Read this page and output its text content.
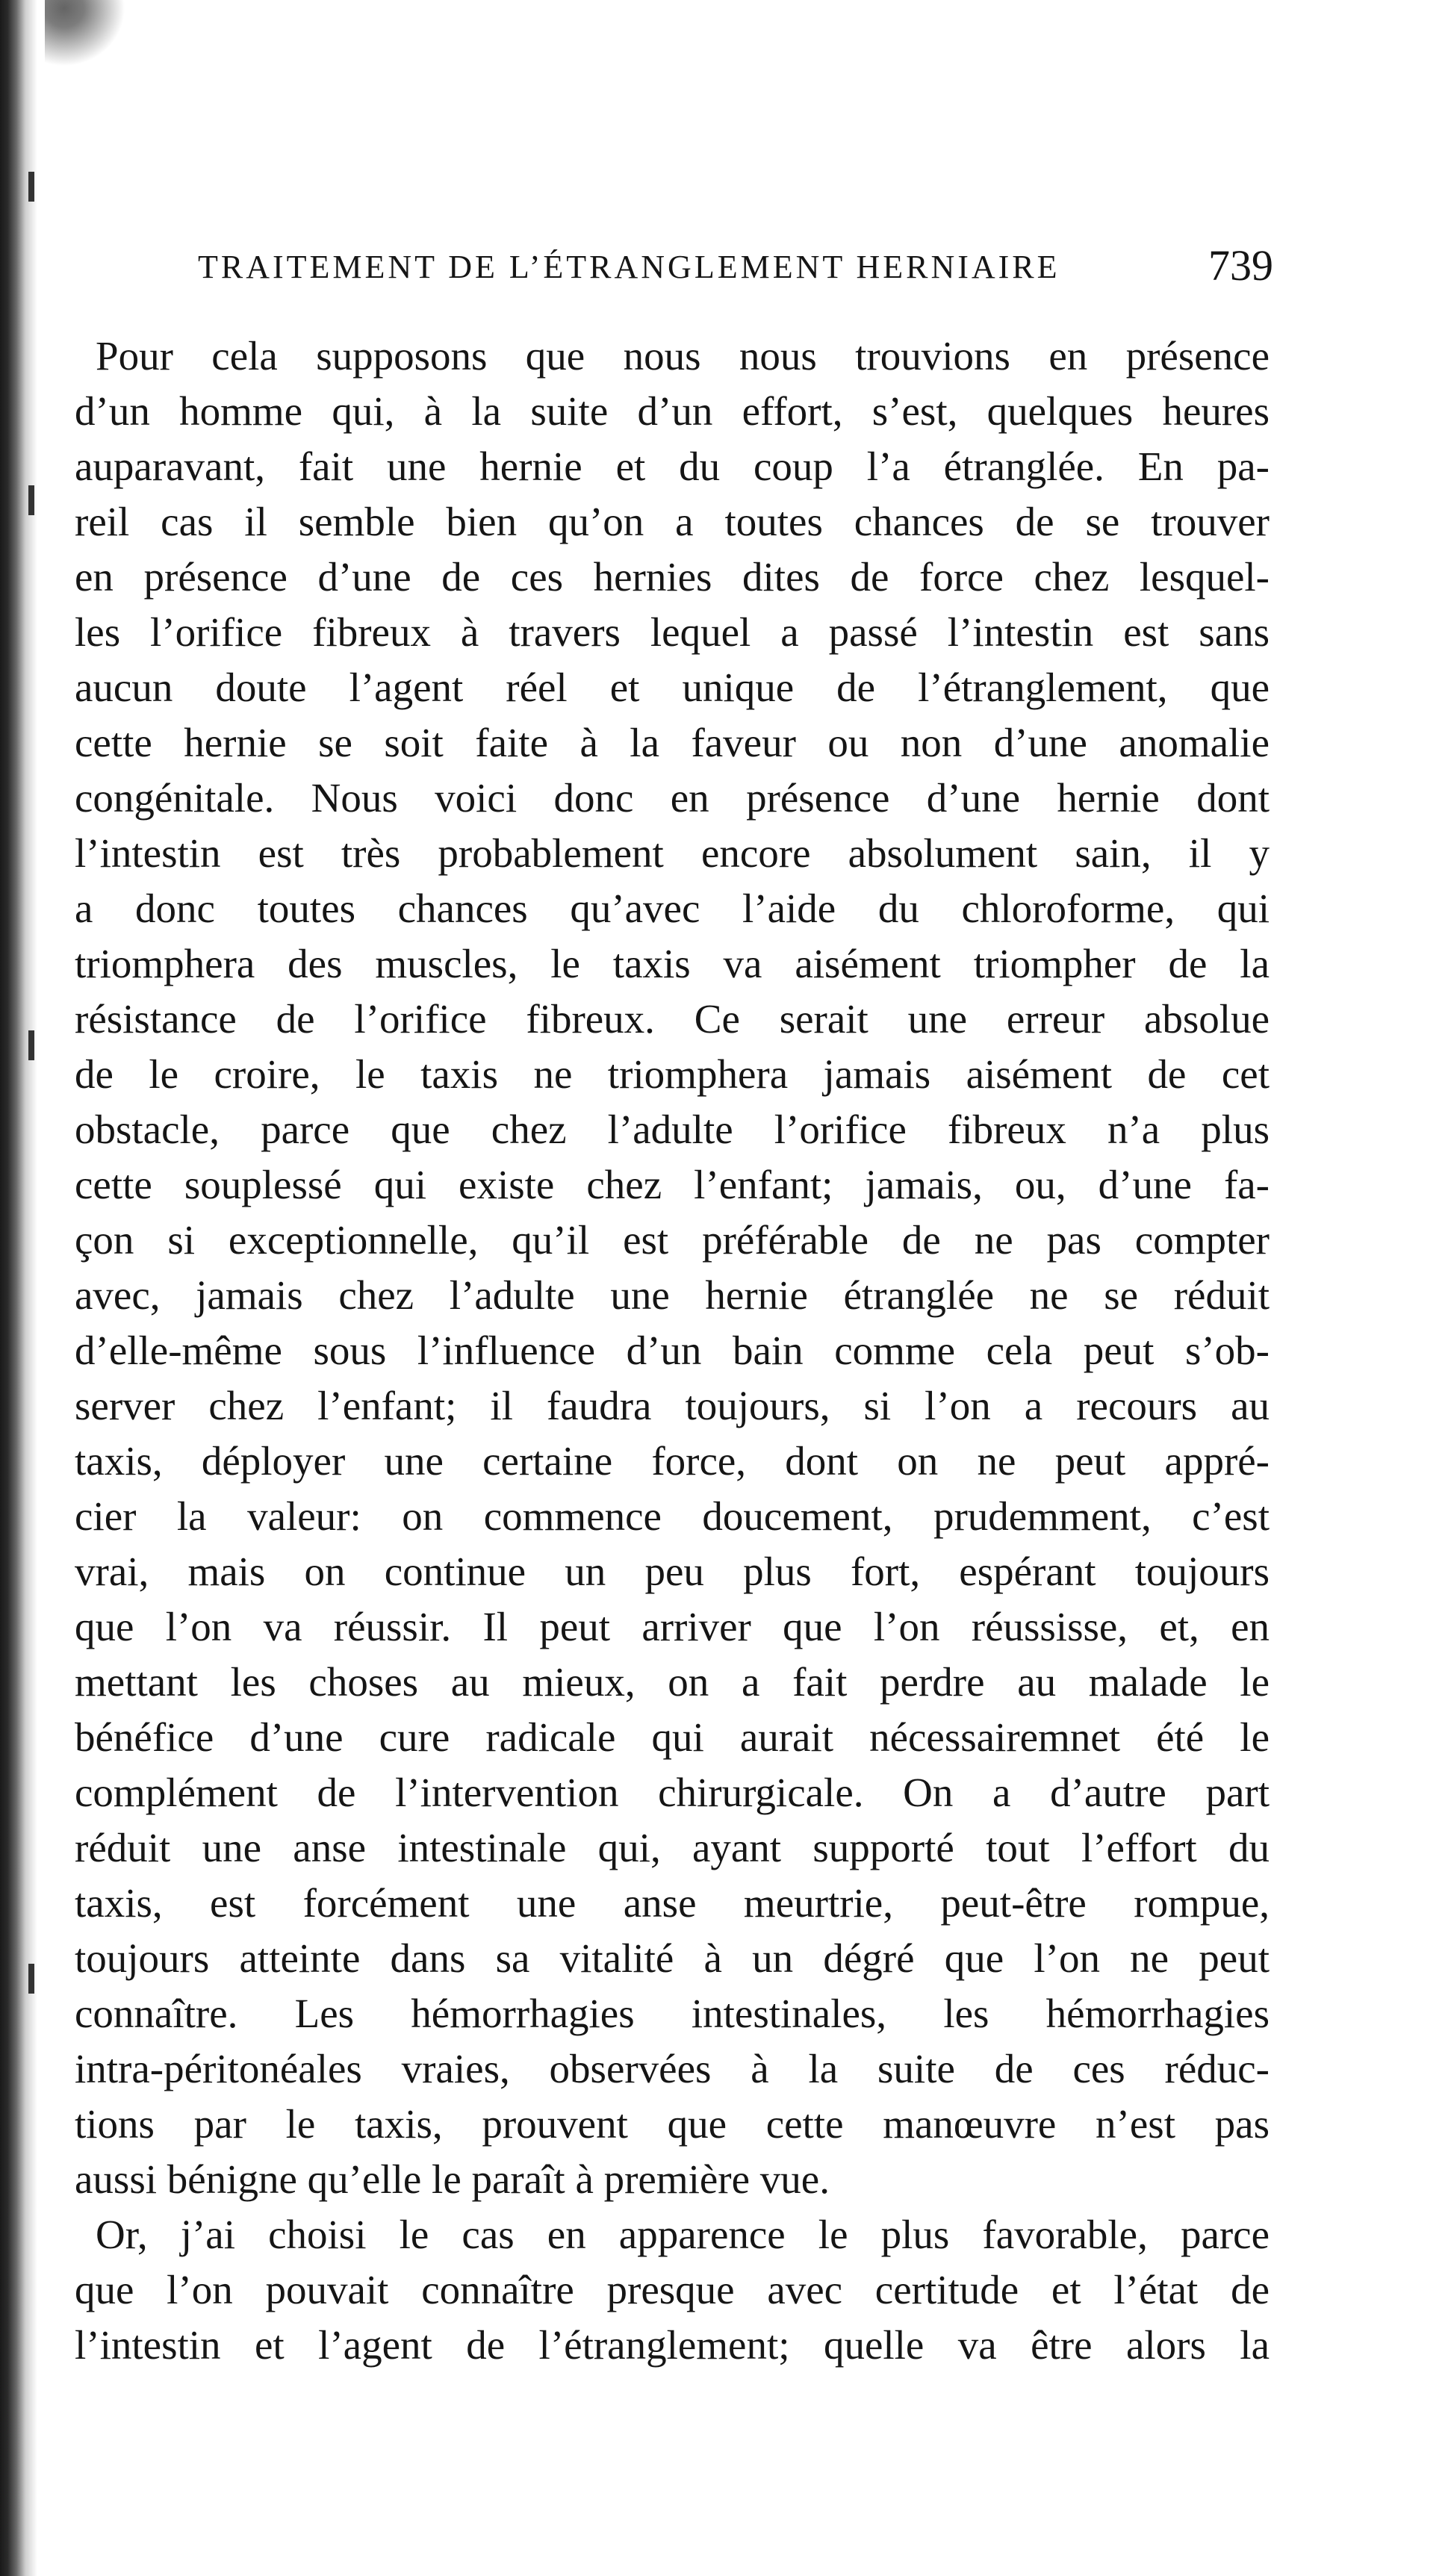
TRAITEMENT DE L’ÉTRANGLEMENT HERNIAIRE	739
Pour cela supposons que nous nous trouvions en présence
d’un homme qui, à la suite d’un effort, s’est, quelques heures
auparavant, fait une hernie et du coup l’a étranglée. En pa-
reil cas il semble bien qu’on a toutes chances de se trouver
en présence d’une de ces hernies dites de force chez lesquel-
les l’orifice fibreux à travers lequel a passé l’intestin est sans
aucun doute l’agent réel et unique de l’étranglement, que
cette hernie se soit faite à la faveur ou non d’une anomalie
congénitale. Nous voici donc en présence d’une hernie dont
l’intestin est très probablement encore absolument sain, il y
a donc toutes chances qu’avec l’aide du chloroforme, qui
triomphera des muscles, le taxis va aisément triompher de la
résistance de l’orifice fibreux. Ce serait une erreur absolue
de le croire, le taxis ne triomphera jamais aisément de cet
obstacle, parce que chez l’adulte l’orifice fibreux n’a plus
cette souplessé qui existe chez l’enfant; jamais, ou, d’une fa-
çon si exceptionnelle, qu’il est préférable de ne pas compter
avec, jamais chez l’adulte une hernie étranglée ne se réduit
d’elle-même sous l’influence d’un bain comme cela peut s’ob-
server chez l’enfant; il faudra toujours, si l’on a recours au
taxis, déployer une certaine force, dont on ne peut appré-
cier la valeur: on commence doucement, prudemment, c’est
vrai, mais on continue un peu plus fort, espérant toujours
que l’on va réussir. Il peut arriver que l’on réussisse, et, en
mettant les choses au mieux, on a fait perdre au malade le
bénéfice d’une cure radicale qui aurait nécessairemnet été le
complément de l’intervention chirurgicale. On a d’autre part
réduit une anse intestinale qui, ayant supporté tout l’effort du
taxis, est forcément une anse meurtrie, peut-être rompue,
toujours atteinte dans sa vitalité à un dégré que l’on ne peut
connaître. Les hémorrhagies intestinales, les hémorrhagies
intra-péritonéales vraies, observées à la suite de ces réduc-
tions par le taxis, prouvent que cette manœuvre n’est pas
aussi bénigne qu’elle le paraît à première vue.
Or, j’ai choisi le cas en apparence le plus favorable, parce
que l’on pouvait connaître presque avec certitude et l’état de
l’intestin et l’agent de l’étranglement; quelle va être alors la
